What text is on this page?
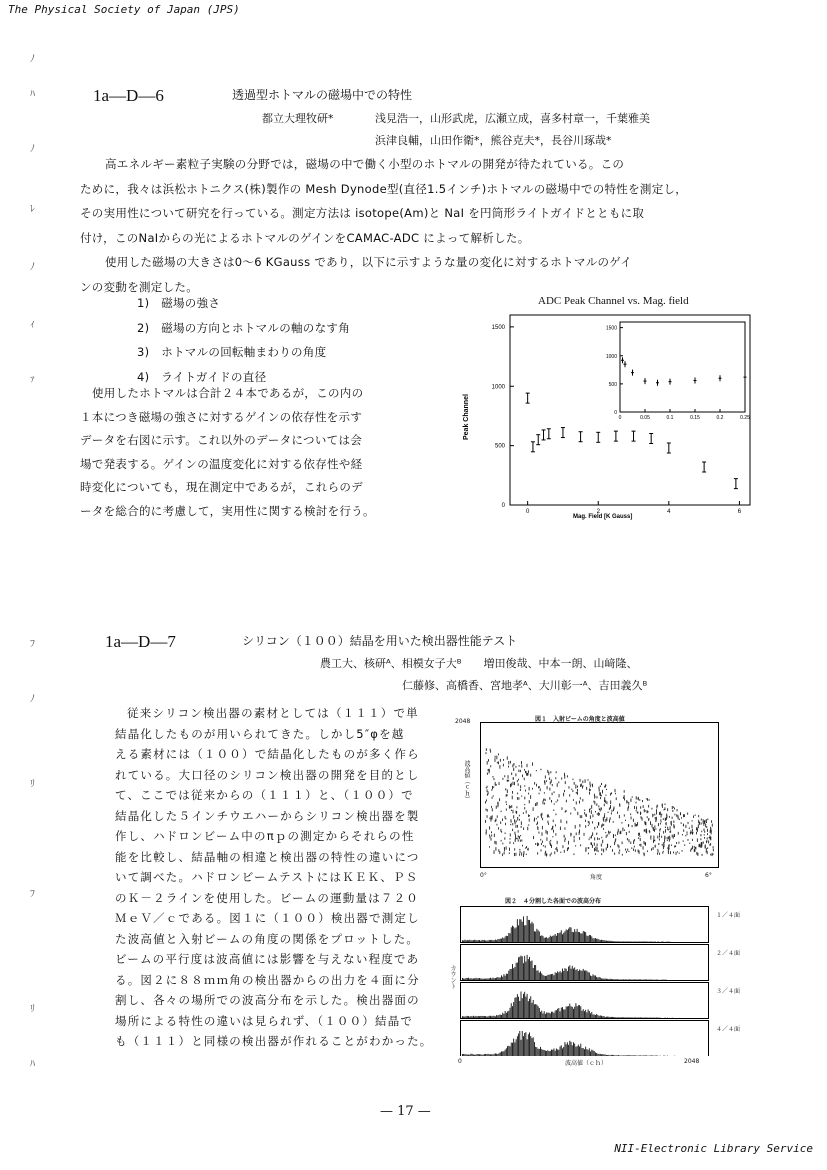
The Physical Society of Japan (JPS)
NII-Electronic Library Service
— 17 —
ﾉ
ﾊ
ﾉ
ﾚ
ﾉ
ｨ
ｧ
ﾌ
ﾉ
ﾘ
ﾌ
ﾘ
ﾊ
1a—D—6	透過型ホトマルの磁場中での特性
都立大理牧研*	浅見浩一，山形武虎，広瀬立成，喜多村章一，千葉雅美
浜津良輔，山田作衛*，熊谷克夫*，長谷川琢哉*
高エネルギー素粒子実験の分野では，磁場の中で働く小型のホトマルの開発が待たれている。この
ために，我々は浜松ホトニクス(株)製作の Mesh Dynode型(直径1.5インチ)ホトマルの磁場中での特性を測定し，
その実用性について研究を行っている。測定方法は isotope(Am)と NaI を円筒形ライトガイドとともに取
付け，このNaIからの光によるホトマルのゲインをCAMAC-ADC によって解析した。
使用した磁場の大きさは0〜6 KGauss であり，以下に示すような量の変化に対するホトマルのゲイ
ンの変動を測定した。
1)　磁場の強さ
2)　磁場の方向とホトマルの軸のなす角
3)　ホトマルの回転軸まわりの角度
4)　ライトガイドの直径
使用したホトマルは合計２４本であるが，この内の
１本につき磁場の強さに対するゲインの依存性を示す
データを右図に示す。これ以外のデータについては会
場で発表する。ゲインの温度変化に対する依存性や経
時変化についても，現在測定中であるが，これらのデ
ータを総合的に考慮して，実用性に関する検討を行う。
ADC Peak Channel vs. Mag. field
Peak Channel
Mag. Field [K Gauss]
0
500
1000
1500
0	2	4	6
0
500
1000
1500
0	0.05	0.1	0.15	0.2	0.25
1a—D—7	シリコン（１００）結晶を用いた検出器性能テスト
農工大、核研ᴬ、相模女子大ᴮ　　増田俊哉、中本一朗、山﨑隆、
仁藤修、高橋香、宮地孝ᴬ、大川彰一ᴬ、吉田義久ᴮ
従来シリコン検出器の素材としては（１１１）で単
結晶化したものが用いられてきた。しかし5″φを越
える素材には（１００）で結晶化したものが多く作ら
れている。大口径のシリコン検出器の開発を目的とし
て、ここでは従来からの（１１１）と、（１００）で
結晶化した５インチウエハーからシリコン検出器を製
作し、ハドロンビーム中のπｐの測定からそれらの性
能を比較し、結晶軸の相違と検出器の特性の違いにつ
いて調べた。ハドロンビームテストにはＫＥＫ、ＰＳ
のＫ－２ラインを使用した。ビームの運動量は７２０
ＭｅＶ／ｃである。図１に（１００）検出器で測定し
た波高値と入射ビームの角度の関係をプロットした。
ビームの平行度は波高値には影響を与えない程度であ
る。図２に８８ｍｍ角の検出器からの出力を４面に分
割し、各々の場所での波高分布を示した。検出器面の
場所による特性の違いは見られず、（１００）結晶で
も（１１１）と同様の検出器が作れることがわかった。
図１　入射ビームの角度と波高値
2048
波高値（ｃｈ）
0°	角度	6°
図２　４分割した各面での波高分布
カウント
１／４面
２／４面
３／４面
４／４面
0	波高値（ｃｈ）	2048
